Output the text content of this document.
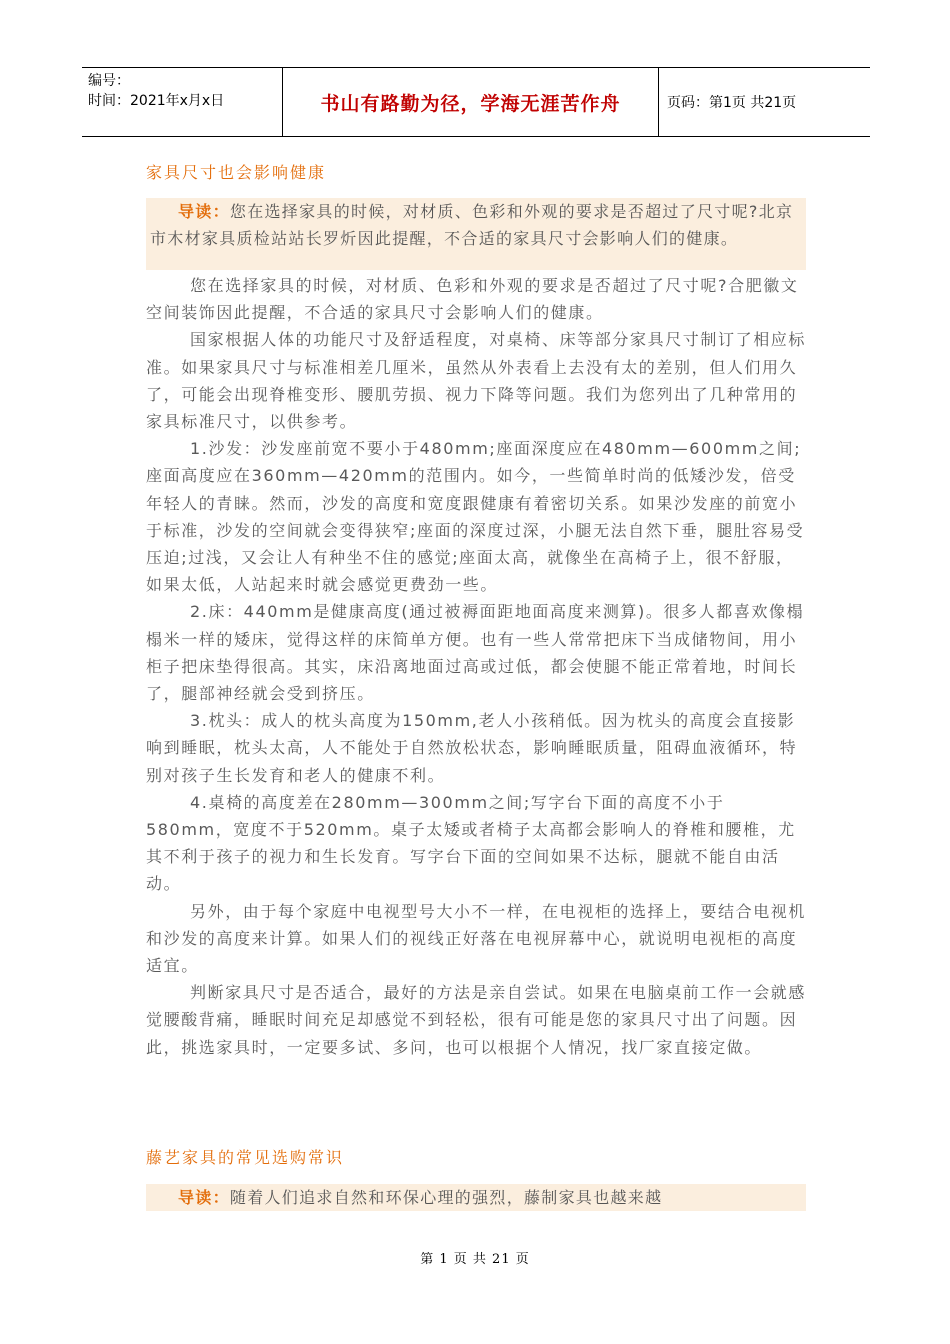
编号：
时间：2021年x月x日	书山有路勤为径，学海无涯苦作舟	页码：第1页 共21页
家具尺寸也会影响健康
导读：您在选择家具的时候，对材质、色彩和外观的要求是否超过了尺寸呢?北京市木材家具质检站站长罗炘因此提醒，不合适的家具尺寸会影响人们的健康。

您在选择家具的时候，对材质、色彩和外观的要求是否超过了尺寸呢?合肥徽文空间装饰因此提醒，不合适的家具尺寸会影响人们的健康。

国家根据人体的功能尺寸及舒适程度，对桌椅、床等部分家具尺寸制订了相应标准。如果家具尺寸与标准相差几厘米，虽然从外表看上去没有太的差别，但人们用久了，可能会出现脊椎变形、腰肌劳损、视力下降等问题。我们为您列出了几种常用的家具标准尺寸，以供参考。

1.沙发：沙发座前宽不要小于480mm;座面深度应在480mm—600mm之间;座面高度应在360mm—420mm的范围内。如今，一些简单时尚的低矮沙发，倍受年轻人的青睐。然而，沙发的高度和宽度跟健康有着密切关系。如果沙发座的前宽小于标准，沙发的空间就会变得狭窄;座面的深度过深，小腿无法自然下垂，腿肚容易受压迫;过浅，又会让人有种坐不住的感觉;座面太高，就像坐在高椅子上，很不舒服，如果太低，人站起来时就会感觉更费劲一些。

2.床：440mm是健康高度(通过被褥面距地面高度来测算)。很多人都喜欢像榻榻米一样的矮床，觉得这样的床简单方便。也有一些人常常把床下当成储物间，用小柜子把床垫得很高。其实，床沿离地面过高或过低，都会使腿不能正常着地，时间长了，腿部神经就会受到挤压。

3.枕头：成人的枕头高度为150mm,老人小孩稍低。因为枕头的高度会直接影响到睡眠，枕头太高，人不能处于自然放松状态，影响睡眠质量，阻碍血液循环，特别对孩子生长发育和老人的健康不利。

4.桌椅的高度差在280mm—300mm之间;写字台下面的高度不小于580mm，宽度不于520mm。桌子太矮或者椅子太高都会影响人的脊椎和腰椎，尤其不利于孩子的视力和生长发育。写字台下面的空间如果不达标，腿就不能自由活动。

另外，由于每个家庭中电视型号大小不一样，在电视柜的选择上，要结合电视机和沙发的高度来计算。如果人们的视线正好落在电视屏幕中心，就说明电视柜的高度适宜。

判断家具尺寸是否适合，最好的方法是亲自尝试。如果在电脑桌前工作一会就感觉腰酸背痛，睡眠时间充足却感觉不到轻松，很有可能是您的家具尺寸出了问题。因此，挑选家具时，一定要多试、多问，也可以根据个人情况，找厂家直接定做。

藤艺家具的常见选购常识
导读：随着人们追求自然和环保心理的强烈，藤制家具也越来越
第 1 页 共 21 页
